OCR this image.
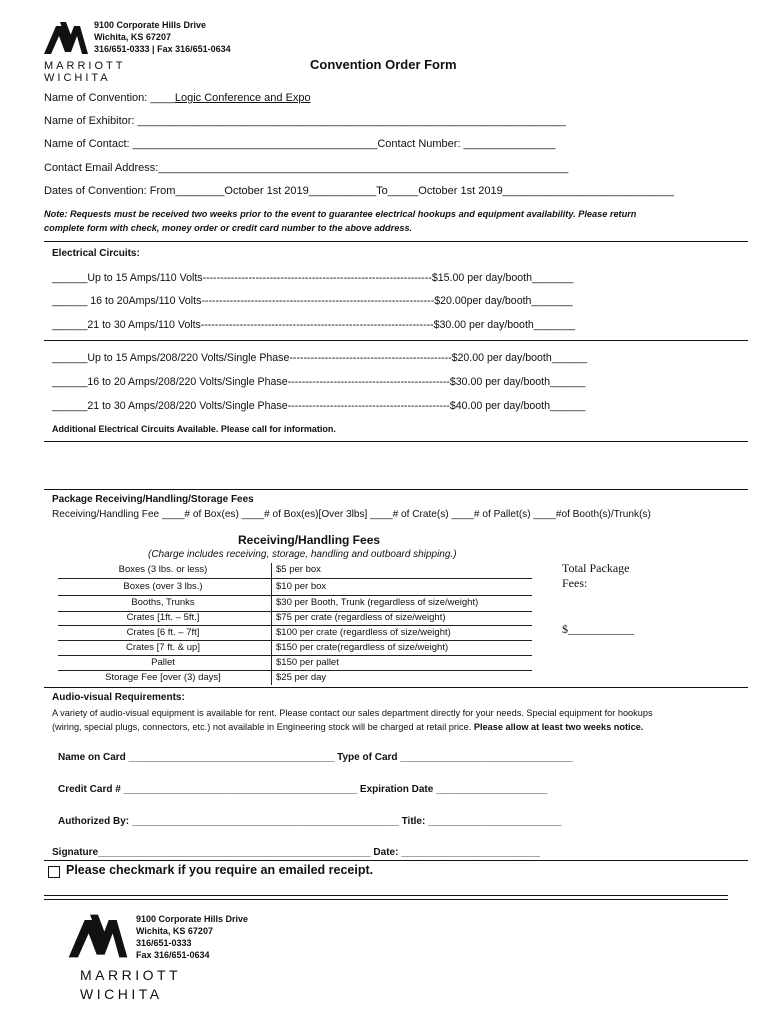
9100 Corporate Hills Drive
Wichita, KS 67207
316/651-0333 | Fax 316/651-0634
MARRIOTT
WICHITA
Convention Order Form
Name of Convention: ____Logic Conference and Expo
Name of Exhibitor: ______________________________________________________________________
Name of Contact: ________________________________________Contact Number: _______________
Contact Email Address:___________________________________________________________________
Dates of Convention: From________October 1st 2019___________To_____October 1st 2019____________________________
Note: Requests must be received two weeks prior to the event to guarantee electrical hookups and equipment availability. Please return
complete form with check, money order or credit card number to the above address.
Electrical Circuits:
______Up to 15 Amps/110 Volts-----------------------------------------------------------------$15.00 per day/booth_______
______ 16 to 20Amps/110 Volts------------------------------------------------------------------$20.00per day/booth_______
______21 to 30 Amps/110 Volts------------------------------------------------------------------$30.00 per day/booth_______
______Up to 15 Amps/208/220 Volts/Single Phase----------------------------------------------$20.00 per day/booth______
______16 to 20 Amps/208/220 Volts/Single Phase----------------------------------------------$30.00 per day/booth______
______21 to 30 Amps/208/220 Volts/Single Phase----------------------------------------------$40.00 per day/booth______
Additional Electrical Circuits Available. Please call for information.
Package Receiving/Handling/Storage Fees
Receiving/Handling Fee ____# of Box(es) ____# of Box(es)[Over 3lbs] ____# of Crate(s) ____# of Pallet(s) ____#of Booth(s)/Trunk(s)
Receiving/Handling Fees
(Charge includes receiving, storage, handling and outboard shipping.)
Boxes (3 lbs. or less)	$5 per box
Boxes (over 3 lbs.)	$10 per box
Booths, Trunks	$30 per Booth, Trunk (regardless of size/weight)
Crates [1ft. – 5ft.]	$75 per crate (regardless of size/weight)
Crates [6 ft. – 7ft]	$100 per crate (regardless of size/weight)
Crates [7 ft. & up]	$150 per crate(regardless of size/weight)
Pallet	$150 per pallet
Storage Fee [over (3) days]	$25 per day
Total Package
Fees:
$___________
Audio-visual Requirements:
A variety of audio-visual equipment is available for rent. Please contact our sales department directly for your needs. Special equipment for hookups
(wiring, special plugs, connectors, etc.) not available in Engineering stock will be charged at retail price. Please allow at least two weeks notice.
Name on Card _____________________________________ Type of Card _______________________________
Credit Card # __________________________________________ Expiration Date ____________________
Authorized By: ________________________________________________ Title: ________________________
Signature_________________________________________________ Date: _________________________
Please checkmark if you require an emailed receipt.
9100 Corporate Hills Drive
Wichita, KS 67207
316/651-0333
Fax 316/651-0634
MARRIOTT
WICHITA
